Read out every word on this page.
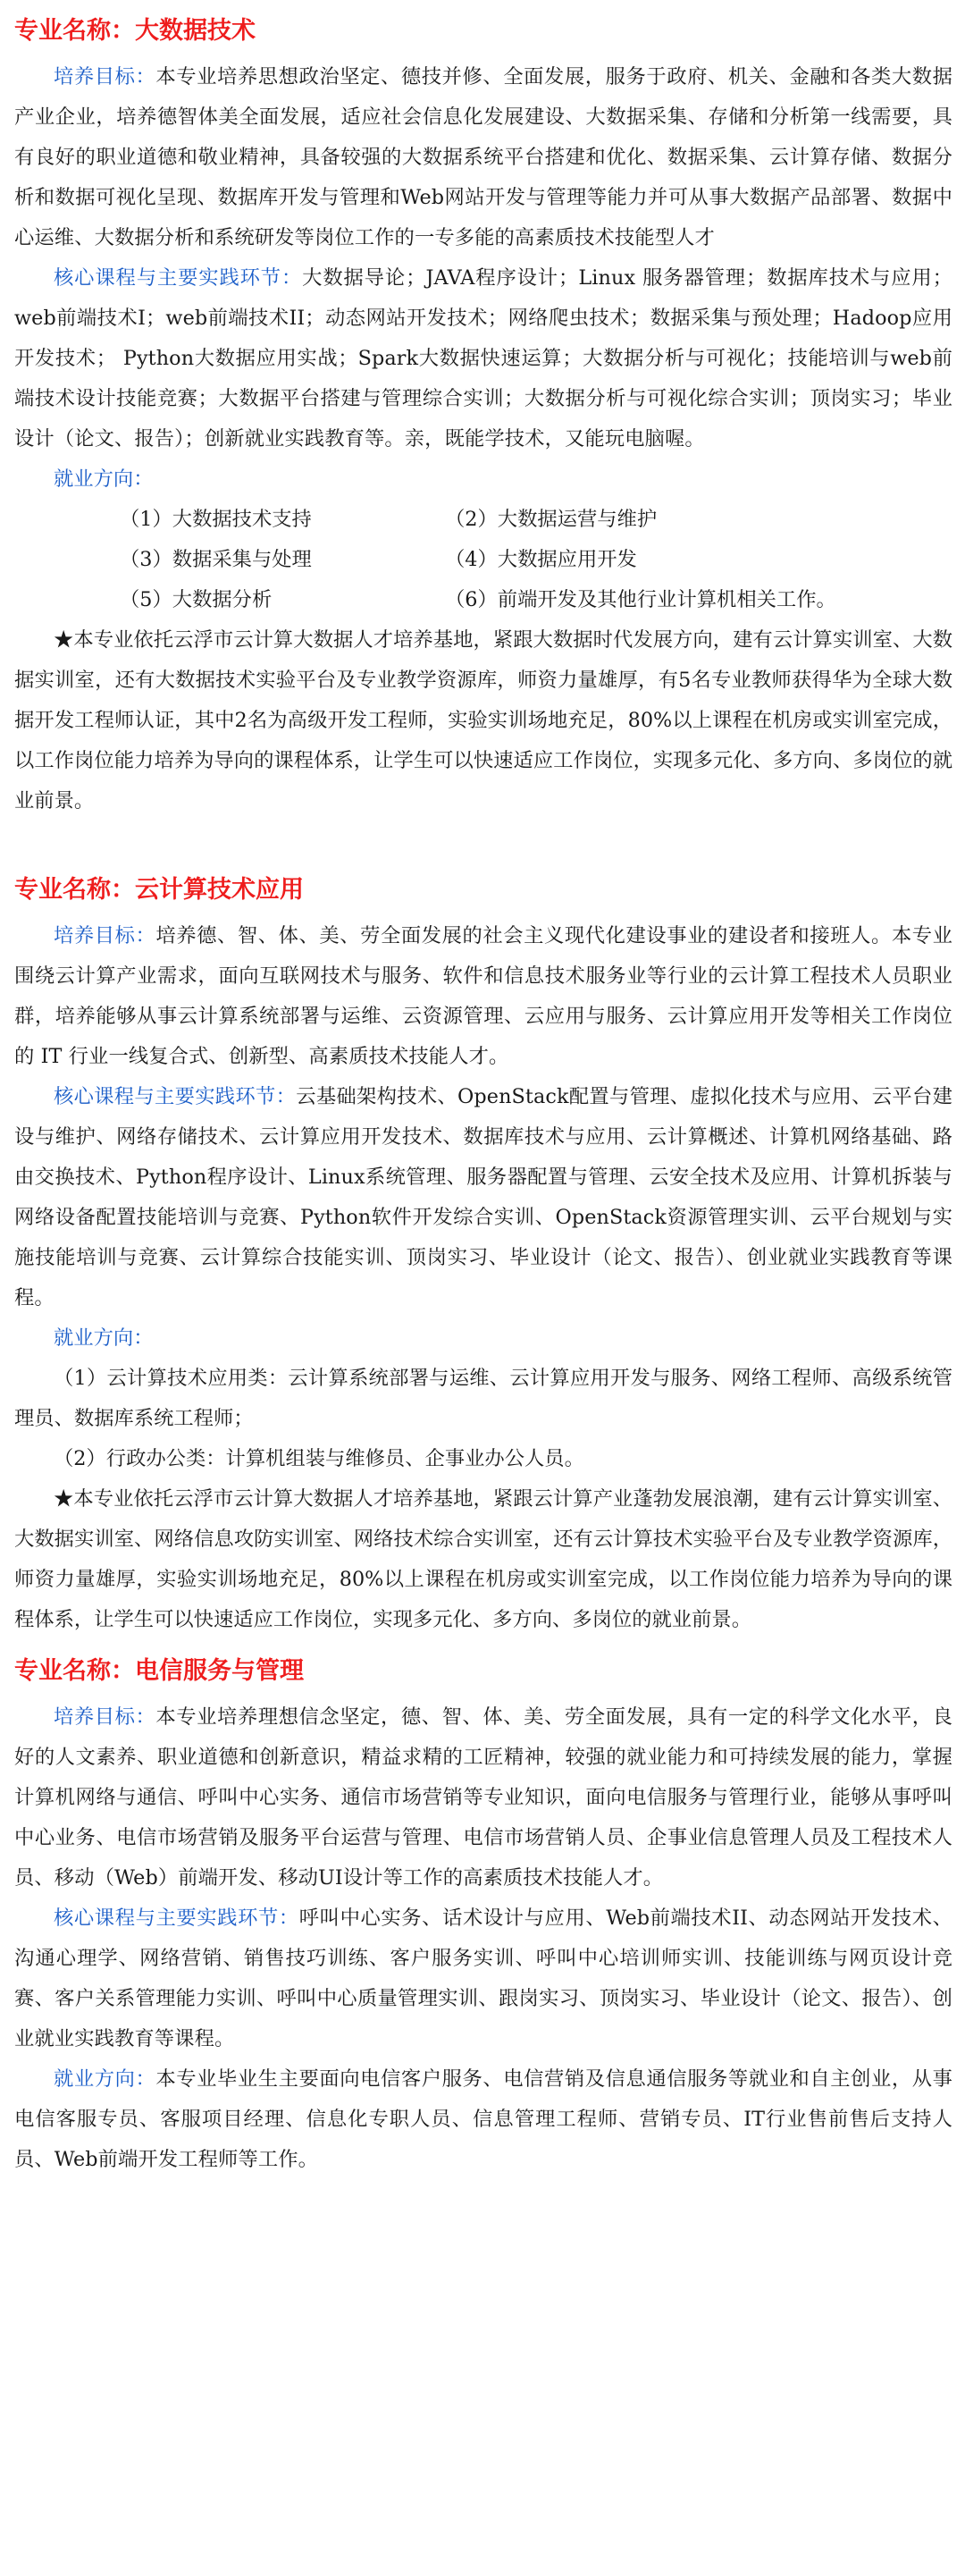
专业名称：大数据技术

培养目标：本专业培养思想政治坚定、德技并修、全面发展，服务于政府、机关、金融和各类大数据产业企业，培养德智体美全面发展，适应社会信息化发展建设、大数据采集、存储和分析第一线需要，具有良好的职业道德和敬业精神，具备较强的大数据系统平台搭建和优化、数据采集、云计算存储、数据分析和数据可视化呈现、数据库开发与管理和Web网站开发与管理等能力并可从事大数据产品部署、数据中心运维、大数据分析和系统研发等岗位工作的一专多能的高素质技术技能型人才

核心课程与主要实践环节：大数据导论；JAVA程序设计；Linux 服务器管理；数据库技术与应用；web前端技术I；web前端技术II；动态网站开发技术；网络爬虫技术；数据采集与预处理；Hadoop应用开发技术； Python大数据应用实战；Spark大数据快速运算；大数据分析与可视化；技能培训与web前端技术设计技能竞赛；大数据平台搭建与管理综合实训；大数据分析与可视化综合实训；顶岗实习；毕业设计（论文、报告）；创新就业实践教育等。亲，既能学技术，又能玩电脑喔。

就业方向：

（1）大数据技术支持	（2）大数据运营与维护
（3）数据采集与处理	（4）大数据应用开发
（5）大数据分析	（6）前端开发及其他行业计算机相关工作。

★本专业依托云浮市云计算大数据人才培养基地，紧跟大数据时代发展方向，建有云计算实训室、大数据实训室，还有大数据技术实验平台及专业教学资源库，师资力量雄厚，有5名专业教师获得华为全球大数据开发工程师认证，其中2名为高级开发工程师，实验实训场地充足，80%以上课程在机房或实训室完成，以工作岗位能力培养为导向的课程体系，让学生可以快速适应工作岗位，实现多元化、多方向、多岗位的就业前景。

专业名称：云计算技术应用

培养目标：培养德、智、体、美、劳全面发展的社会主义现代化建设事业的建设者和接班人。本专业围绕云计算产业需求，面向互联网技术与服务、软件和信息技术服务业等行业的云计算工程技术人员职业群，培养能够从事云计算系统部署与运维、云资源管理、云应用与服务、云计算应用开发等相关工作岗位的 IT 行业一线复合式、创新型、高素质技术技能人才。

核心课程与主要实践环节：云基础架构技术、OpenStack配置与管理、虚拟化技术与应用、云平台建设与维护、网络存储技术、云计算应用开发技术、数据库技术与应用、云计算概述、计算机网络基础、路由交换技术、Python程序设计、Linux系统管理、服务器配置与管理、云安全技术及应用、计算机拆装与网络设备配置技能培训与竞赛、Python软件开发综合实训、OpenStack资源管理实训、云平台规划与实施技能培训与竞赛、云计算综合技能实训、顶岗实习、毕业设计（论文、报告）、创业就业实践教育等课程。

就业方向：

（1）云计算技术应用类：云计算系统部署与运维、云计算应用开发与服务、网络工程师、高级系统管理员、数据库系统工程师；

（2）行政办公类：计算机组装与维修员、企事业办公人员。

★本专业依托云浮市云计算大数据人才培养基地，紧跟云计算产业蓬勃发展浪潮，建有云计算实训室、大数据实训室、网络信息攻防实训室、网络技术综合实训室，还有云计算技术实验平台及专业教学资源库，师资力量雄厚，实验实训场地充足，80%以上课程在机房或实训室完成，以工作岗位能力培养为导向的课程体系，让学生可以快速适应工作岗位，实现多元化、多方向、多岗位的就业前景。

专业名称：电信服务与管理

培养目标：本专业培养理想信念坚定，德、智、体、美、劳全面发展，具有一定的科学文化水平，良好的人文素养、职业道德和创新意识，精益求精的工匠精神，较强的就业能力和可持续发展的能力，掌握计算机网络与通信、呼叫中心实务、通信市场营销等专业知识，面向电信服务与管理行业，能够从事呼叫中心业务、电信市场营销及服务平台运营与管理、电信市场营销人员、企事业信息管理人员及工程技术人员、移动（Web）前端开发、移动UI设计等工作的高素质技术技能人才。

核心课程与主要实践环节：呼叫中心实务、话术设计与应用、Web前端技术II、动态网站开发技术、沟通心理学、网络营销、销售技巧训练、客户服务实训、呼叫中心培训师实训、技能训练与网页设计竞赛、客户关系管理能力实训、呼叫中心质量管理实训、跟岗实习、顶岗实习、毕业设计（论文、报告）、创业就业实践教育等课程。

就业方向：本专业毕业生主要面向电信客户服务、电信营销及信息通信服务等就业和自主创业，从事电信客服专员、客服项目经理、信息化专职人员、信息管理工程师、营销专员、IT行业售前售后支持人员、Web前端开发工程师等工作。
